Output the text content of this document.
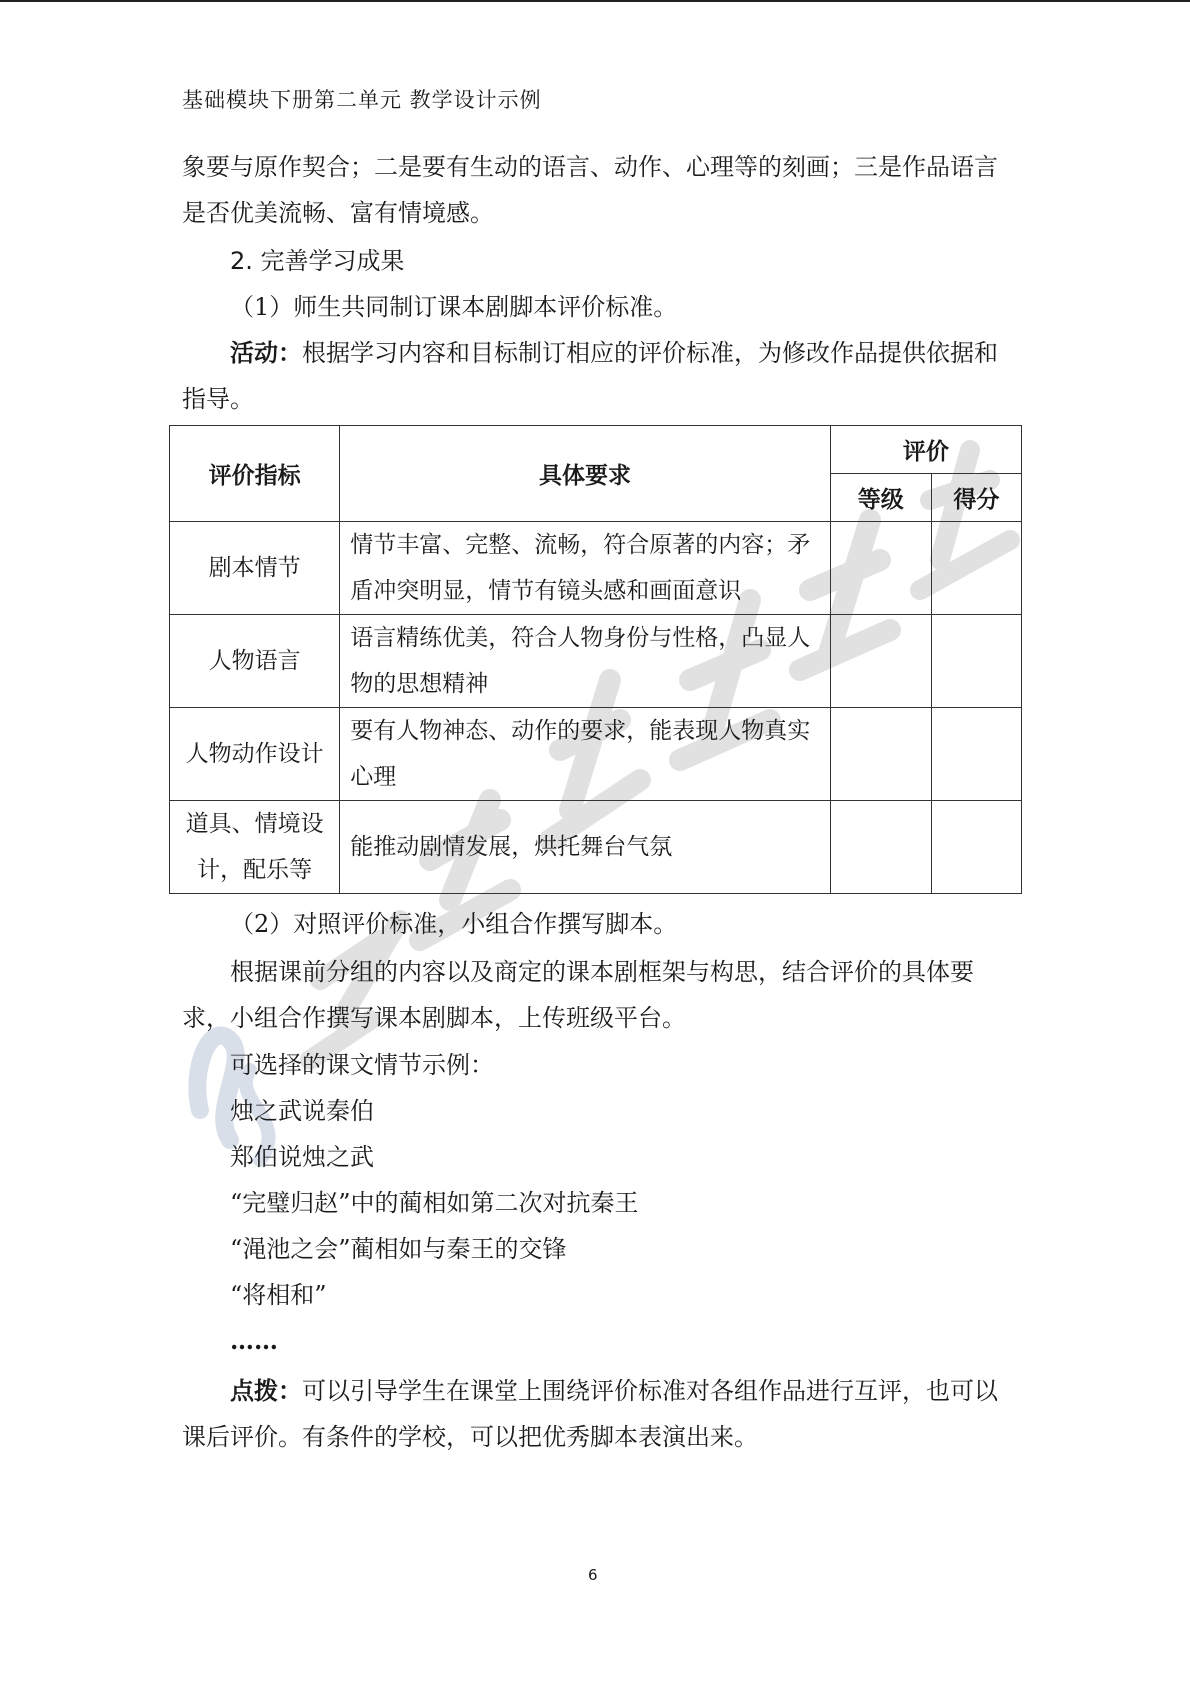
基础模块下册第二单元 教学设计示例

象要与原作契合；二是要有生动的语言、动作、心理等的刻画；三是作品语言是否优美流畅、富有情境感。

2. 完善学习成果

（1）师生共同制订课本剧脚本评价标准。

活动：根据学习内容和目标制订相应的评价标准，为修改作品提供依据和指导。

评价指标	具体要求	评价	
		等级	得分
剧本情节	情节丰富、完整、流畅，符合原著的内容；矛盾冲突明显，情节有镜头感和画面意识		
人物语言	语言精练优美，符合人物身份与性格，凸显人物的思想精神		
人物动作设计	要有人物神态、动作的要求，能表现人物真实心理		
道具、情境设计，配乐等	能推动剧情发展，烘托舞台气氛		

（2）对照评价标准，小组合作撰写脚本。

根据课前分组的内容以及商定的课本剧框架与构思，结合评价的具体要求，小组合作撰写课本剧脚本，上传班级平台。

可选择的课文情节示例：

烛之武说秦伯

郑伯说烛之武

“完璧归赵”中的蔺相如第二次对抗秦王

“渑池之会”蔺相如与秦王的交锋

“将相和”

……

点拨：可以引导学生在课堂上围绕评价标准对各组作品进行互评，也可以课后评价。有条件的学校，可以把优秀脚本表演出来。

6
